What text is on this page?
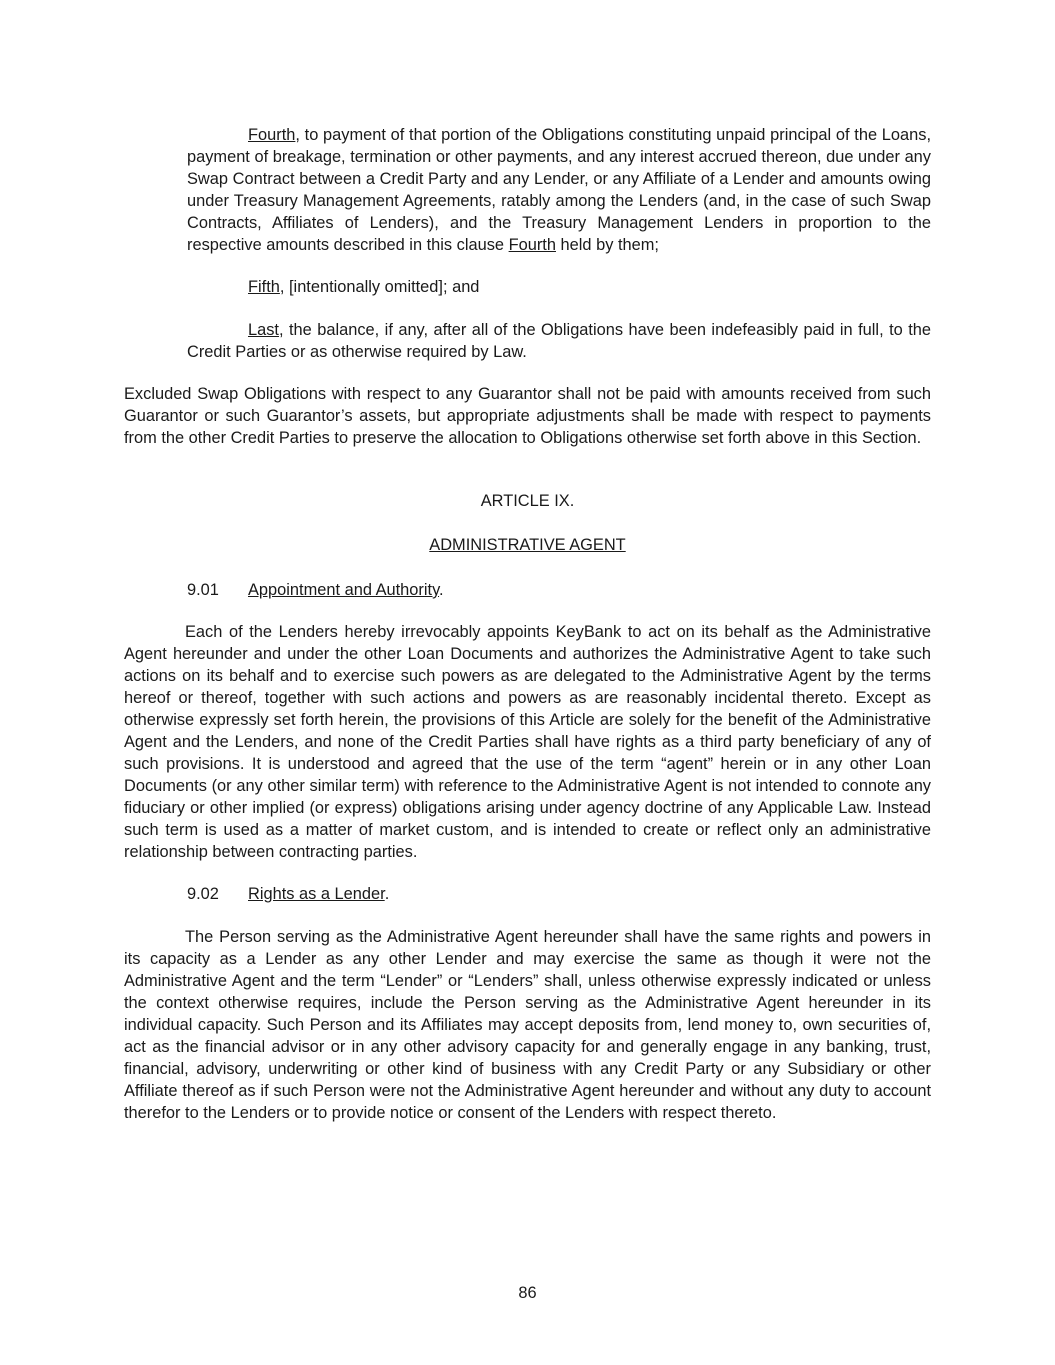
Fourth, to payment of that portion of the Obligations constituting unpaid principal of the Loans, payment of breakage, termination or other payments, and any interest accrued thereon, due under any Swap Contract between a Credit Party and any Lender, or any Affiliate of a Lender and amounts owing under Treasury Management Agreements, ratably among the Lenders (and, in the case of such Swap Contracts, Affiliates of Lenders), and the Treasury Management Lenders in proportion to the respective amounts described in this clause Fourth held by them;

Fifth, [intentionally omitted]; and

Last, the balance, if any, after all of the Obligations have been indefeasibly paid in full, to the Credit Parties or as otherwise required by Law.

Excluded Swap Obligations with respect to any Guarantor shall not be paid with amounts received from such Guarantor or such Guarantor’s assets, but appropriate adjustments shall be made with respect to payments from the other Credit Parties to preserve the allocation to Obligations otherwise set forth above in this Section.

ARTICLE IX.
ADMINISTRATIVE AGENT
9.01 Appointment and Authority.

Each of the Lenders hereby irrevocably appoints KeyBank to act on its behalf as the Administrative Agent hereunder and under the other Loan Documents and authorizes the Administrative Agent to take such actions on its behalf and to exercise such powers as are delegated to the Administrative Agent by the terms hereof or thereof, together with such actions and powers as are reasonably incidental thereto. Except as otherwise expressly set forth herein, the provisions of this Article are solely for the benefit of the Administrative Agent and the Lenders, and none of the Credit Parties shall have rights as a third party beneficiary of any of such provisions. It is understood and agreed that the use of the term “agent” herein or in any other Loan Documents (or any other similar term) with reference to the Administrative Agent is not intended to connote any fiduciary or other implied (or express) obligations arising under agency doctrine of any Applicable Law. Instead such term is used as a matter of market custom, and is intended to create or reflect only an administrative relationship between contracting parties.

9.02 Rights as a Lender.

The Person serving as the Administrative Agent hereunder shall have the same rights and powers in its capacity as a Lender as any other Lender and may exercise the same as though it were not the Administrative Agent and the term “Lender” or “Lenders” shall, unless otherwise expressly indicated or unless the context otherwise requires, include the Person serving as the Administrative Agent hereunder in its individual capacity. Such Person and its Affiliates may accept deposits from, lend money to, own securities of, act as the financial advisor or in any other advisory capacity for and generally engage in any banking, trust, financial, advisory, underwriting or other kind of business with any Credit Party or any Subsidiary or other Affiliate thereof as if such Person were not the Administrative Agent hereunder and without any duty to account therefor to the Lenders or to provide notice or consent of the Lenders with respect thereto.

86
